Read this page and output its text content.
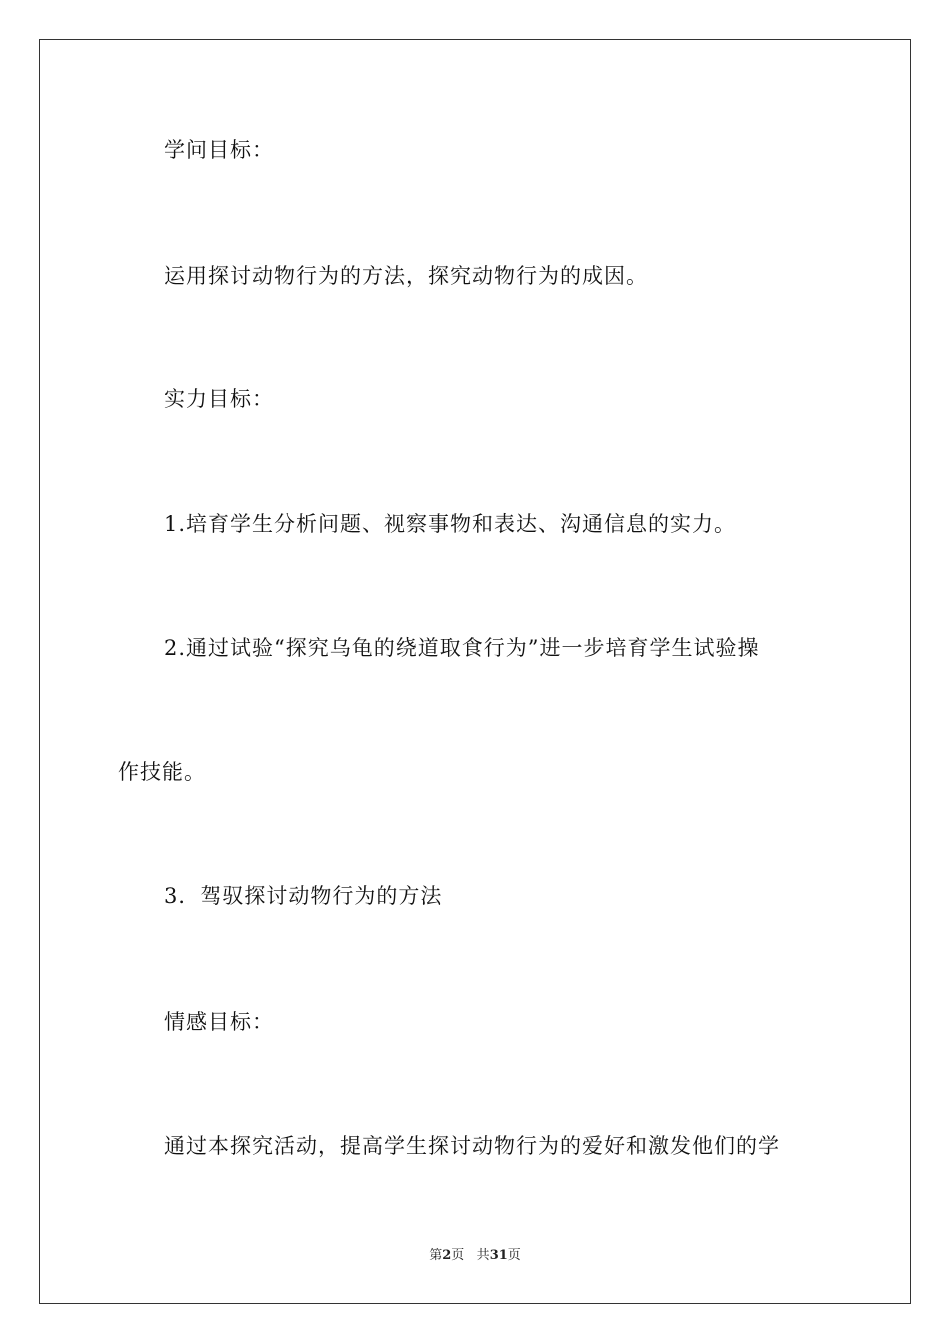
学问目标：
运用探讨动物行为的方法，探究动物行为的成因。
实力目标：
1.培育学生分析问题、视察事物和表达、沟通信息的实力。
2.通过试验“探究乌龟的绕道取食行为”进一步培育学生试验操
作技能。
3．驾驭探讨动物行为的方法
情感目标：
通过本探究活动，提高学生探讨动物行为的爱好和激发他们的学
第2页 共31页
